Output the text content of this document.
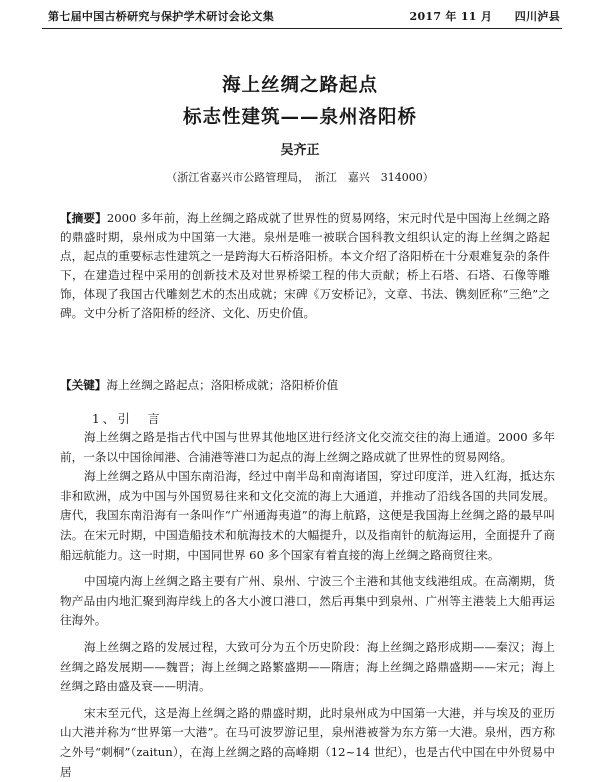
第七届中国古桥研究与保护学术研讨会论文集	2017 年 11 月　　四川泸县
海上丝绸之路起点
标志性建筑——泉州洛阳桥
吴齐正
（浙江省嘉兴市公路管理局，　浙江　嘉兴　314000）

【摘要】2000 多年前，海上丝绸之路成就了世界性的贸易网络，宋元时代是中国海上丝绸之路的鼎盛时期，泉州成为中国第一大港。泉州是唯一被联合国科教文组织认定的海上丝绸之路起点，起点的重要标志性建筑之一是跨海大石桥洛阳桥。本文介绍了洛阳桥在十分艰难复杂的条件下，在建造过程中采用的创新技术及对世界桥梁工程的伟大贡献；桥上石塔、石塔、石像等雕饰，体现了我国古代雕刻艺术的杰出成就；宋碑《万安桥记》，文章、书法、镌刻匠称“三绝”之碑。文中分析了洛阳桥的经济、文化、历史价值。

【关键】海上丝绸之路起点；洛阳桥成就；洛阳桥价值

1、引　言

海上丝绸之路是指古代中国与世界其他地区进行经济文化交流交往的海上通道。2000 多年前，一条以中国徐闻港、合浦港等港口为起点的海上丝绸之路成就了世界性的贸易网络。

海上丝绸之路从中国东南沿海，经过中南半岛和南海诸国，穿过印度洋，进入红海，抵达东非和欧洲，成为中国与外国贸易往来和文化交流的海上大通道，并推动了沿线各国的共同发展。唐代，我国东南沿海有一条叫作“广州通海夷道”的海上航路，这便是我国海上丝绸之路的最早叫法。在宋元时期，中国造船技术和航海技术的大幅提升，以及指南针的航海运用，全面提升了商船远航能力。这一时期，中国同世界 60 多个国家有着直接的海上丝绸之路商贸往来。

中国境内海上丝绸之路主要有广州、泉州、宁波三个主港和其他支线港组成。在高潮期，货物产品由内地汇聚到海岸线上的各大小渡口港口，然后再集中到泉州、广州等主港装上大船再运往海外。

海上丝绸之路的发展过程，大致可分为五个历史阶段：海上丝绸之路形成期——秦汉；海上丝绸之路发展期——魏晋；海上丝绸之路繁盛期——隋唐；海上丝绸之路鼎盛期——宋元；海上丝绸之路由盛及衰——明清。

宋末至元代，这是海上丝绸之路的鼎盛时期，此时泉州成为中国第一大港，并与埃及的亚历山大港并称为“世界第一大港”。在马可波罗游记里，泉州港被誉为东方第一大港。泉州，西方称之外号“刺桐”（zaitun），在海上丝绸之路的高峰期（12~14 世纪），也是古代中国在中外贸易中居
